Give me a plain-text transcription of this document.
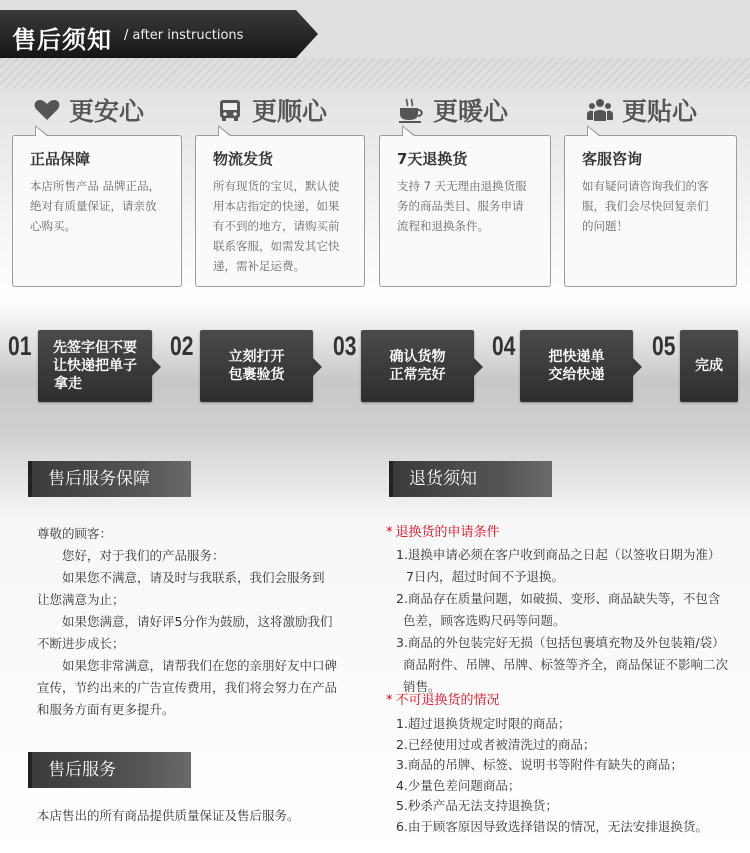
售后须知 / after instructions
更安心	更顺心	更暖心	更贴心
正品保障
本店所售产品 品牌正品，
绝对有质量保证，请亲放
心购买。
物流发货
所有现货的宝贝，默认使
用本店指定的快递，如果
有不到的地方，请购买前
联系客服，如需发其它快
递，需补足运费。
7天退换货
支持 7 天无理由退换货服
务的商品类目、服务申请
流程和退换条件。
客服咨询
如有疑问请咨询我们的客
服，我们会尽快回复亲们
的问题！
01 先签字但不要
让快递把单子
拿走
02	立刻打开
包裹验货
03 确认货物
正常完好
04 把快递单
交给快递
05
完成
售后服务保障

尊敬的顾客：

您好，对于我们的产品服务：

如果您不满意，请及时与我联系，我们会服务到

让您满意为止；

如果您满意，请好评5分作为鼓励，这将激励我们

不断进步成长；

如果您非常满意，请帮我们在您的亲朋好友中口碑

宣传，节约出来的广告宣传费用，我们将会努力在产品

和服务方面有更多提升。

售后服务
本店售出的所有商品提供质量保证及售后服务。
退货须知
* 退换货的申请条件
1.退换申请必须在客户收到商品之日起（以签收日期为准）
7日内，超过时间不予退换。
2.商品存在质量问题，如破损、变形、商品缺失等，不包含
色差，顾客选购尺码等问题。
3.商品的外包装完好无损（包括包裹填充物及外包装箱/袋）
商品附件、吊牌、吊牌、标签等齐全，商品保证不影响二次
销售。
* 不可退换货的情况
1.超过退换货规定时限的商品；
2.已经使用过或者被清洗过的商品；
3.商品的吊牌、标签、说明书等附件有缺失的商品；
4.少量色差问题商品；
5.秒杀产品无法支持退换货；
6.由于顾客原因导致选择错误的情况，无法安排退换货。
